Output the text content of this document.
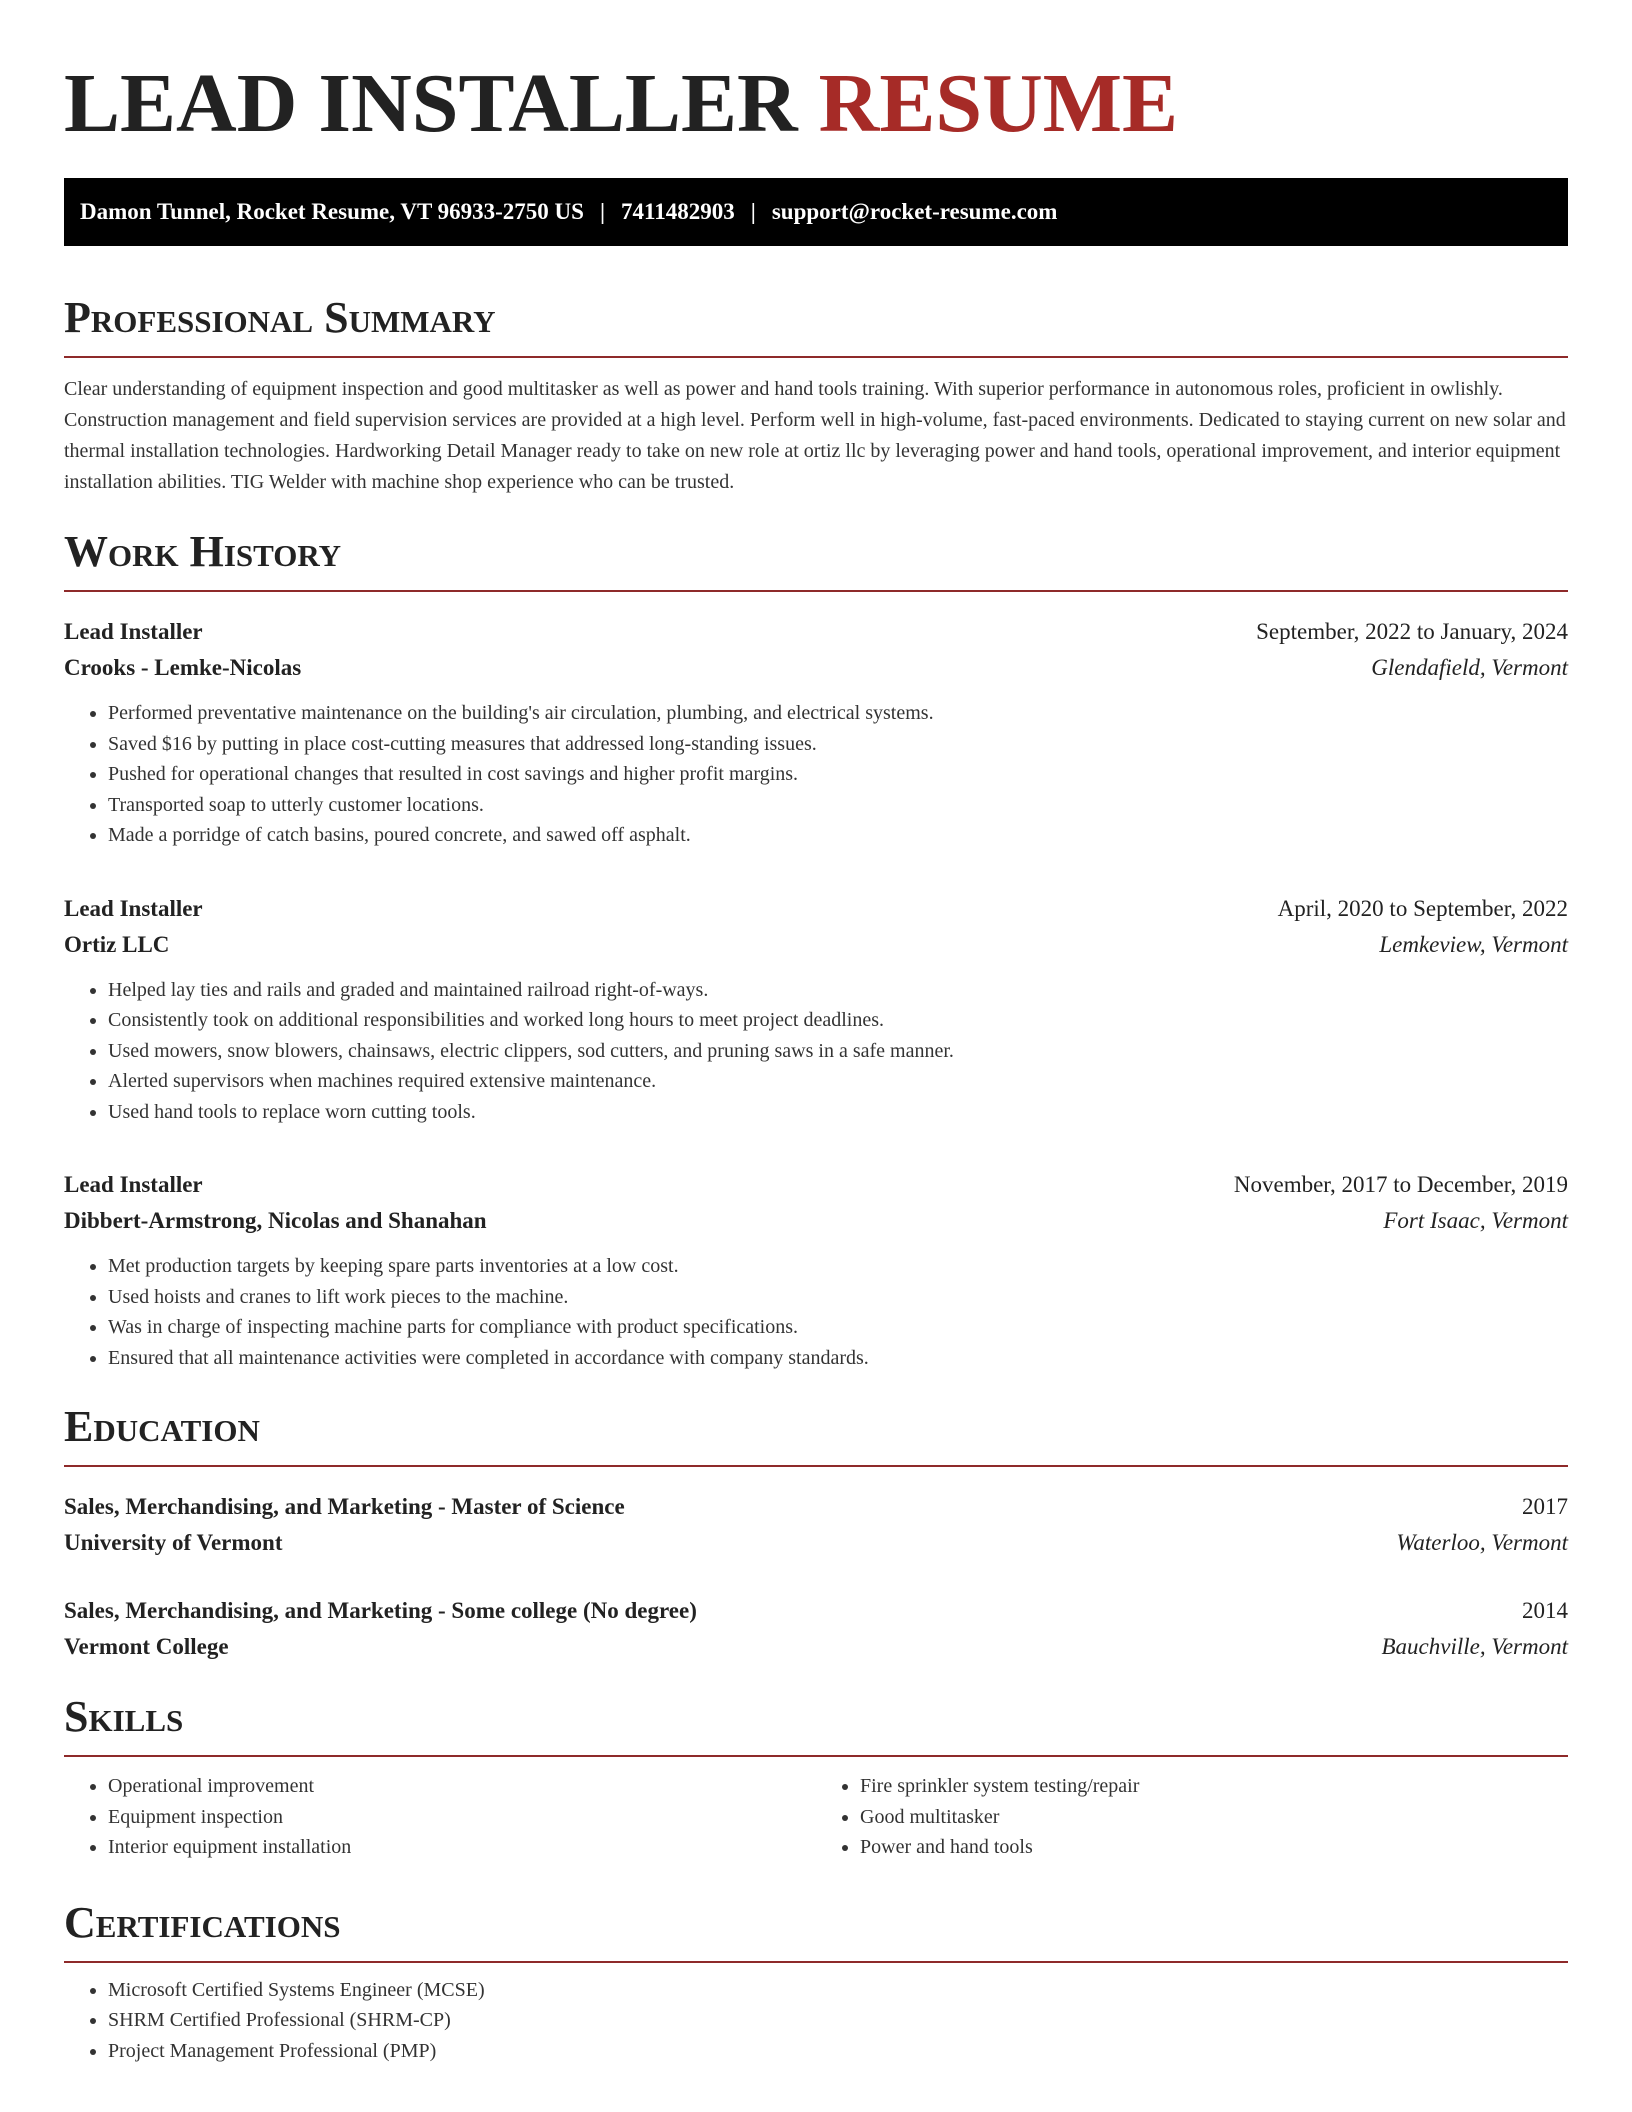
LEAD INSTALLER RESUME
Damon Tunnel, Rocket Resume, VT 96933-2750 US | 7411482903 | support@rocket-resume.com
Professional Summary

Clear understanding of equipment inspection and good multitasker as well as power and hand tools training. With superior performance in autonomous roles, proficient in owlishly. Construction management and field supervision services are provided at a high level. Perform well in high-volume, fast-paced environments. Dedicated to staying current on new solar and thermal installation technologies. Hardworking Detail Manager ready to take on new role at ortiz llc by leveraging power and hand tools, operational improvement, and interior equipment installation abilities. TIG Welder with machine shop experience who can be trusted.

Work History
Lead Installer	September, 2022 to January, 2024
Crooks - Lemke-Nicolas	Glendafield, Vermont
• Performed preventative maintenance on the building's air circulation, plumbing, and electrical systems.
• Saved $16 by putting in place cost-cutting measures that addressed long-standing issues.
• Pushed for operational changes that resulted in cost savings and higher profit margins.
• Transported soap to utterly customer locations.
• Made a porridge of catch basins, poured concrete, and sawed off asphalt.
Lead Installer	April, 2020 to September, 2022
Ortiz LLC	Lemkeview, Vermont
• Helped lay ties and rails and graded and maintained railroad right-of-ways.
• Consistently took on additional responsibilities and worked long hours to meet project deadlines.
• Used mowers, snow blowers, chainsaws, electric clippers, sod cutters, and pruning saws in a safe manner.
• Alerted supervisors when machines required extensive maintenance.
• Used hand tools to replace worn cutting tools.
Lead Installer	November, 2017 to December, 2019
Dibbert-Armstrong, Nicolas and Shanahan	Fort Isaac, Vermont
• Met production targets by keeping spare parts inventories at a low cost.
• Used hoists and cranes to lift work pieces to the machine.
• Was in charge of inspecting machine parts for compliance with product specifications.
• Ensured that all maintenance activities were completed in accordance with company standards.
Education
Sales, Merchandising, and Marketing - Master of Science	2017
University of Vermont	Waterloo, Vermont
Sales, Merchandising, and Marketing - Some college (No degree)	2014
Vermont College	Bauchville, Vermont
Skills
• Operational improvement
• Equipment inspection
• Interior equipment installation
• Fire sprinkler system testing/repair
• Good multitasker
• Power and hand tools
Certifications
• Microsoft Certified Systems Engineer (MCSE)
• SHRM Certified Professional (SHRM-CP)
• Project Management Professional (PMP)
